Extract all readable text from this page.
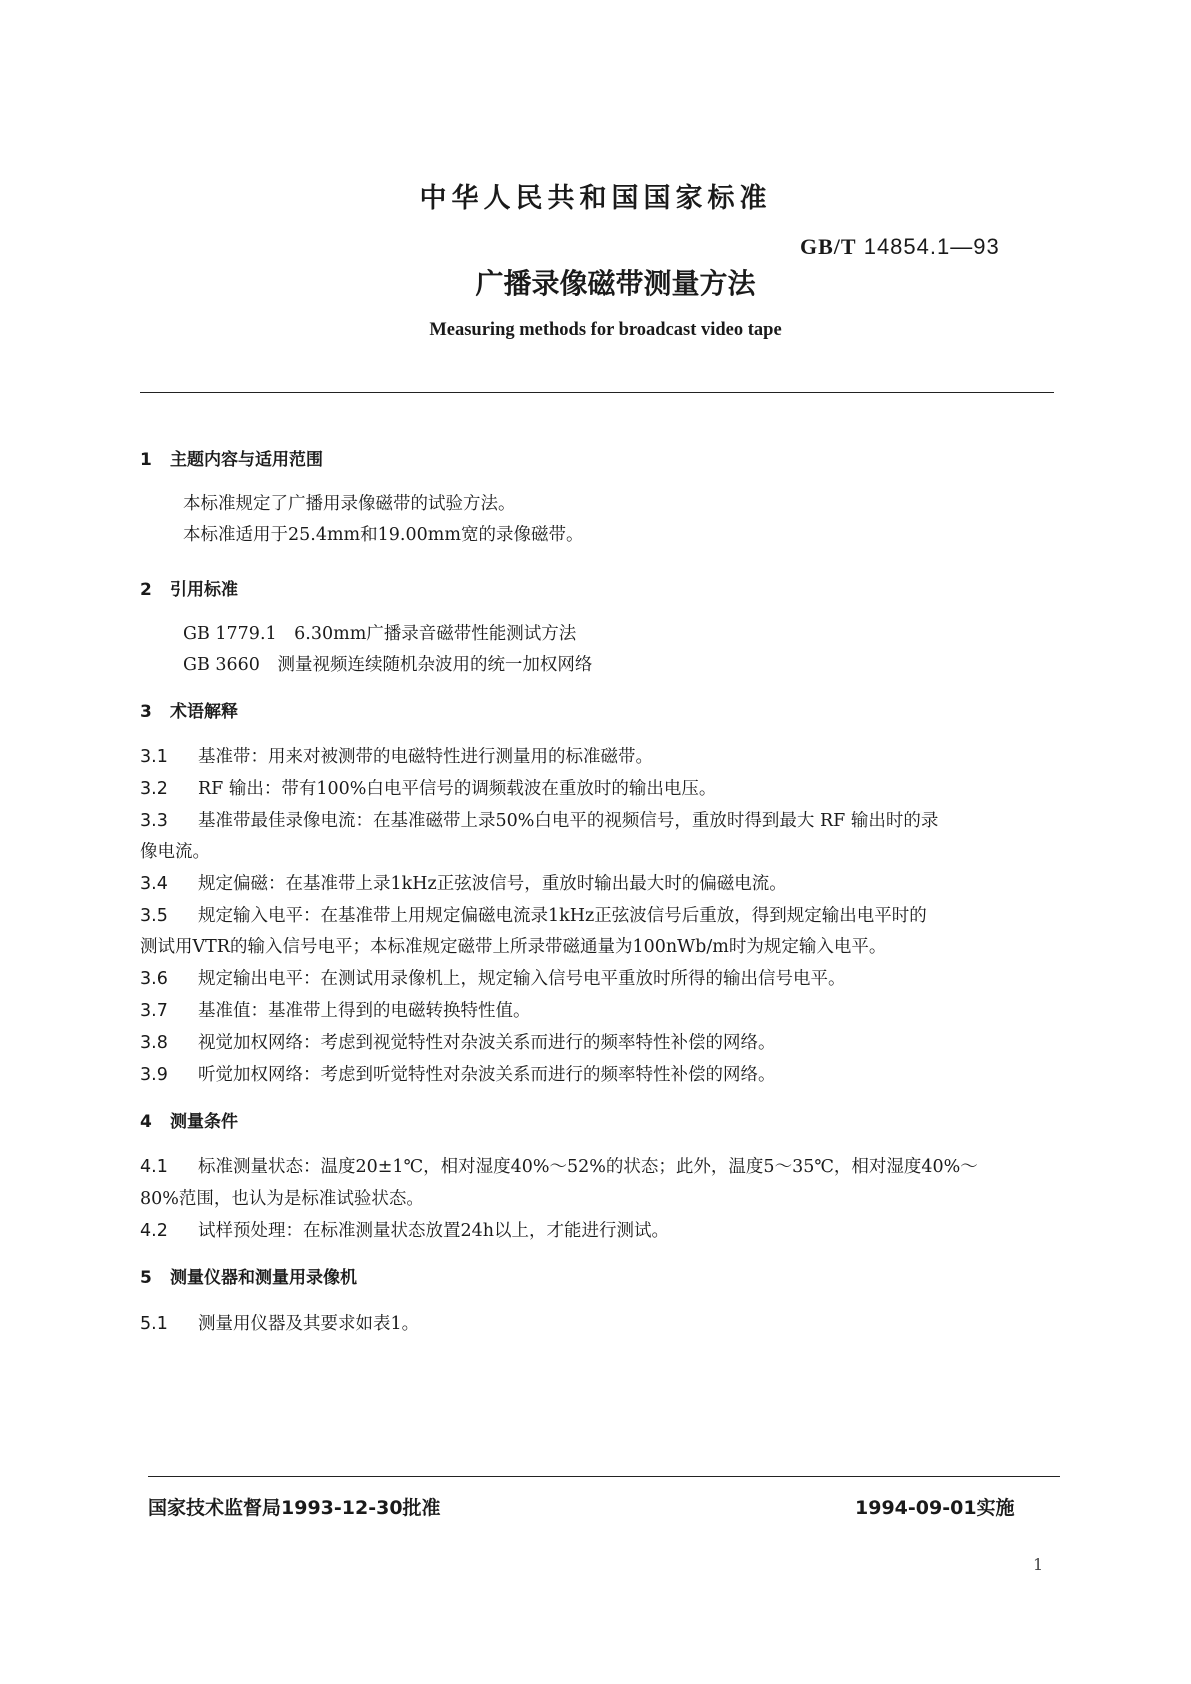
中华人民共和国国家标准
GB/T 14854.1—93
广播录像磁带测量方法
Measuring methods for broadcast video tape
1 主题内容与适用范围
本标准规定了广播用录像磁带的试验方法。
本标准适用于25.4mm和19.00mm宽的录像磁带。
2 引用标准
GB 1779.1　6.30mm广播录音磁带性能测试方法
GB 3660　测量视频连续随机杂波用的统一加权网络
3 术语解释
3.1 基准带：用来对被测带的电磁特性进行测量用的标准磁带。
3.2 RF 输出：带有100%白电平信号的调频载波在重放时的输出电压。
3.3 基准带最佳录像电流：在基准磁带上录50%白电平的视频信号，重放时得到最大 RF 输出时的录
像电流。
3.4 规定偏磁：在基准带上录1kHz正弦波信号，重放时输出最大时的偏磁电流。
3.5 规定输入电平：在基准带上用规定偏磁电流录1kHz正弦波信号后重放，得到规定输出电平时的
测试用VTR的输入信号电平；本标准规定磁带上所录带磁通量为100nWb/m时为规定输入电平。
3.6 规定输出电平：在测试用录像机上，规定输入信号电平重放时所得的输出信号电平。
3.7 基准值：基准带上得到的电磁转换特性值。
3.8 视觉加权网络：考虑到视觉特性对杂波关系而进行的频率特性补偿的网络。
3.9 听觉加权网络：考虑到听觉特性对杂波关系而进行的频率特性补偿的网络。
4 测量条件
4.1 标准测量状态：温度20±1℃，相对湿度40%～52%的状态；此外，温度5～35℃，相对湿度40%～
80%范围，也认为是标准试验状态。
4.2 试样预处理：在标准测量状态放置24h以上，才能进行测试。
5 测量仪器和测量用录像机
5.1 测量用仪器及其要求如表1。
国家技术监督局1993-12-30批准	1994-09-01实施
1
